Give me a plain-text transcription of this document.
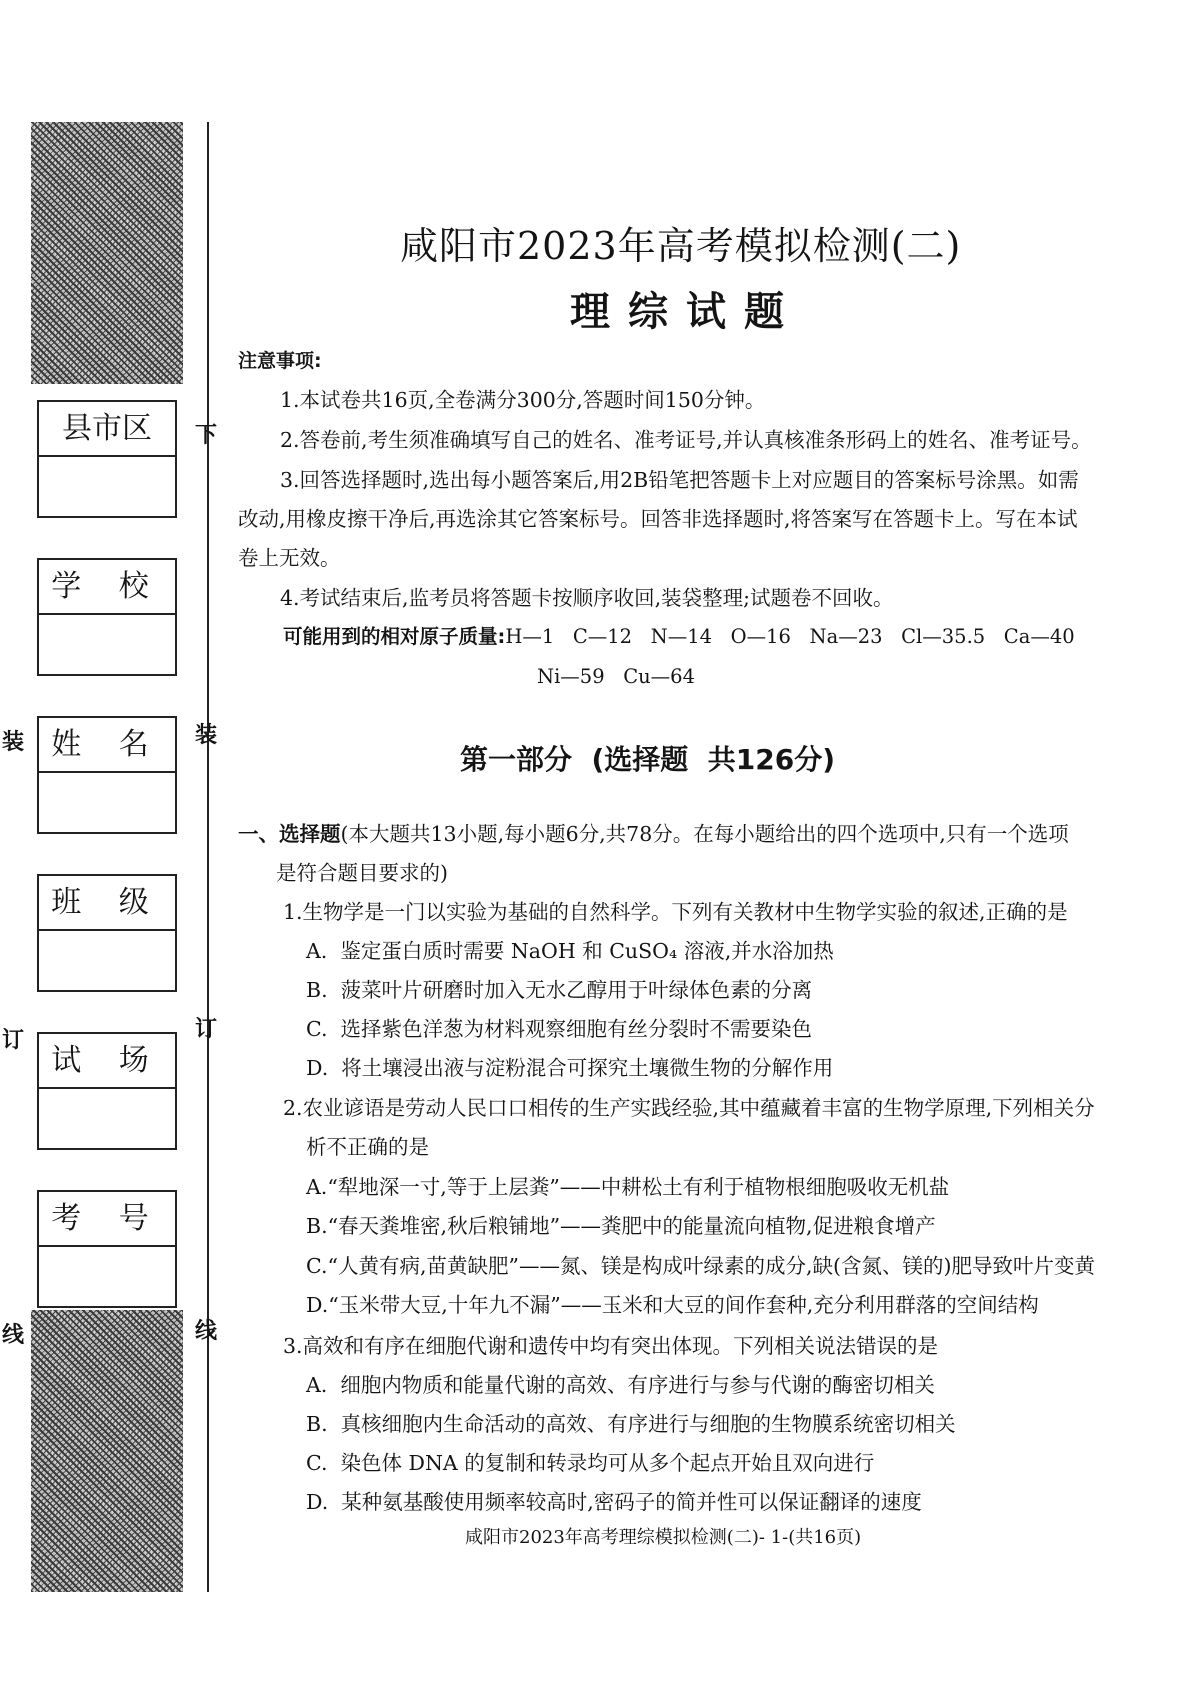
县市区
学 校
姓 名
班 级
试 场
考 号
下
装
订
线
装
订
线
咸阳市2023年高考模拟检测(二)
理综试题
注意事项:
1.本试卷共16页,全卷满分300分,答题时间150分钟。
2.答卷前,考生须准确填写自己的姓名、准考证号,并认真核准条形码上的姓名、准考证号。
3.回答选择题时,选出每小题答案后,用2B铅笔把答题卡上对应题目的答案标号涂黑。如需
改动,用橡皮擦干净后,再选涂其它答案标号。回答非选择题时,将答案写在答题卡上。写在本试
卷上无效。
4.考试结束后,监考员将答题卡按顺序收回,装袋整理;试题卷不回收。
可能用到的相对原子质量:H—1   C—12   N—14   O—16   Na—23   Cl—35.5   Ca—40
Ni—59   Cu—64
第一部分  (选择题  共126分)
一、选择题(本大题共13小题,每小题6分,共78分。在每小题给出的四个选项中,只有一个选项
是符合题目要求的)
1.生物学是一门以实验为基础的自然科学。下列有关教材中生物学实验的叙述,正确的是
A.  鉴定蛋白质时需要 NaOH 和 CuSO₄ 溶液,并水浴加热
B.  菠菜叶片研磨时加入无水乙醇用于叶绿体色素的分离
C.  选择紫色洋葱为材料观察细胞有丝分裂时不需要染色
D.  将土壤浸出液与淀粉混合可探究土壤微生物的分解作用
2.农业谚语是劳动人民口口相传的生产实践经验,其中蕴藏着丰富的生物学原理,下列相关分
析不正确的是
A.“犁地深一寸,等于上层粪”——中耕松土有利于植物根细胞吸收无机盐
B.“春天粪堆密,秋后粮铺地”——粪肥中的能量流向植物,促进粮食增产
C.“人黄有病,苗黄缺肥”——氮、镁是构成叶绿素的成分,缺(含氮、镁的)肥导致叶片变黄
D.“玉米带大豆,十年九不漏”——玉米和大豆的间作套种,充分利用群落的空间结构
3.高效和有序在细胞代谢和遗传中均有突出体现。下列相关说法错误的是
A.  细胞内物质和能量代谢的高效、有序进行与参与代谢的酶密切相关
B.  真核细胞内生命活动的高效、有序进行与细胞的生物膜系统密切相关
C.  染色体 DNA 的复制和转录均可从多个起点开始且双向进行
D.  某种氨基酸使用频率较高时,密码子的简并性可以保证翻译的速度
咸阳市2023年高考理综模拟检测(二)- 1-(共16页)
